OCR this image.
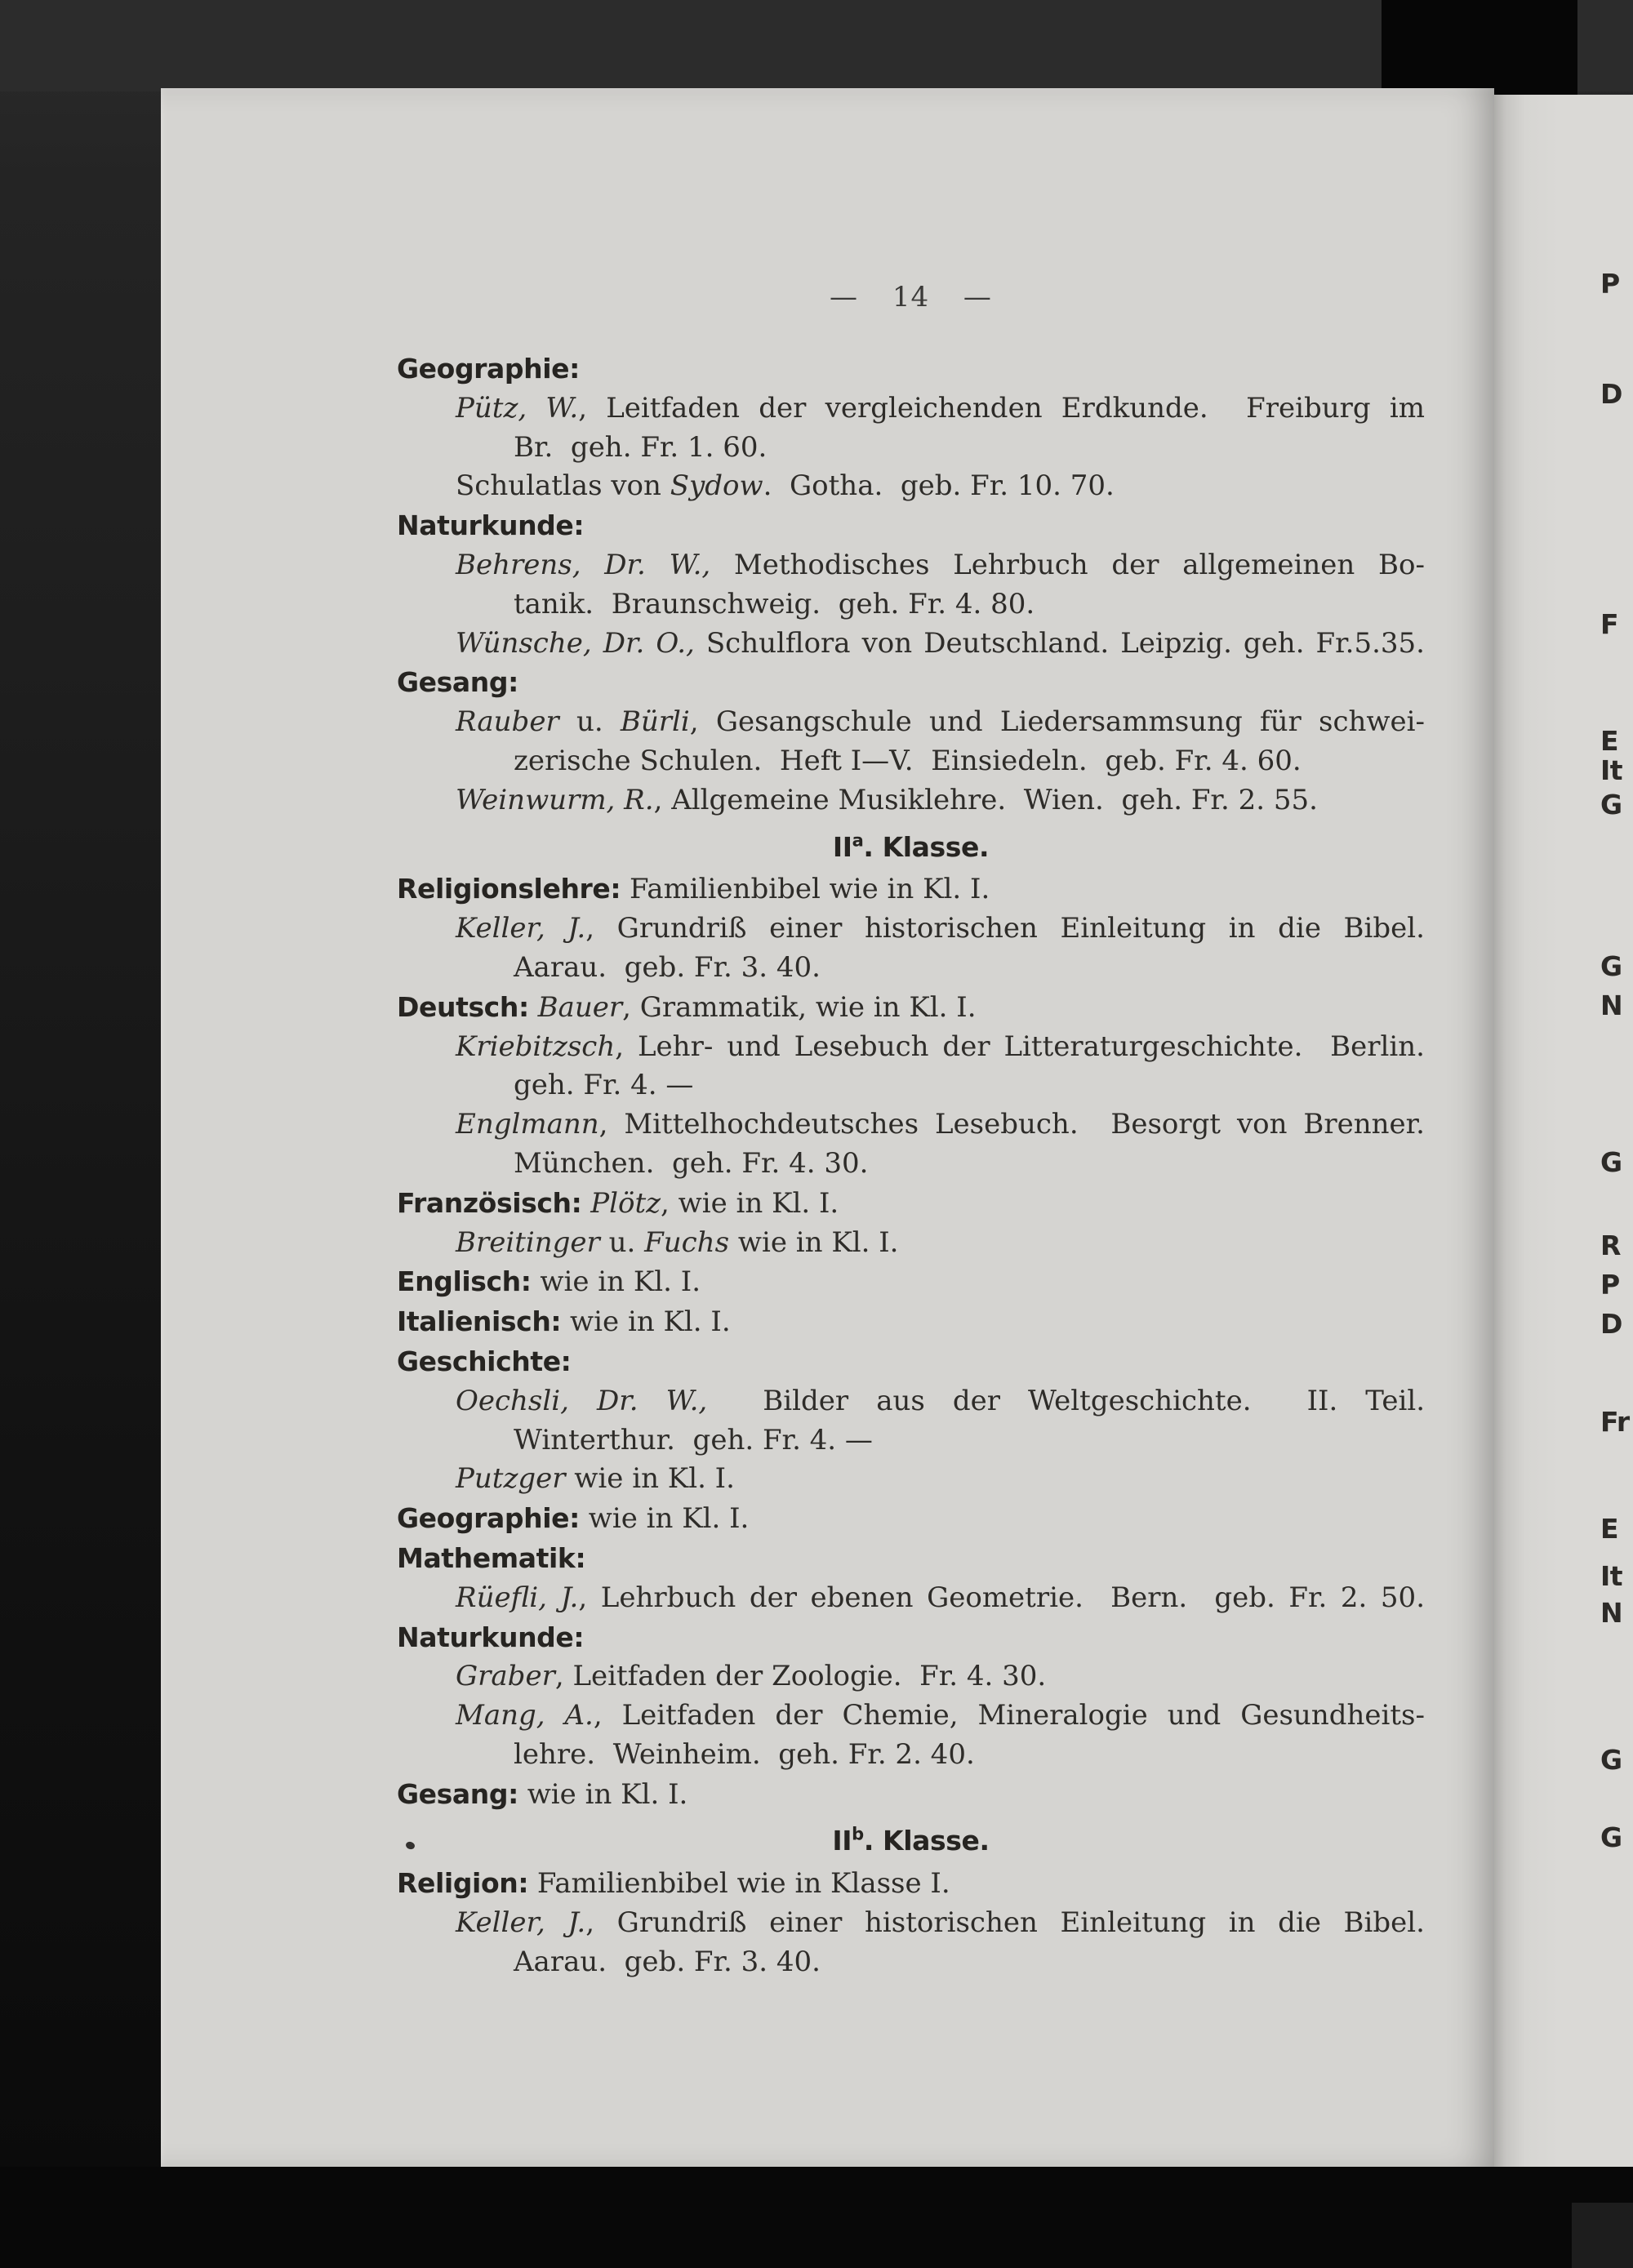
— 14 —
Geographie:
Pütz, W., Leitfaden der vergleichenden Erdkunde.  Freiburg im
Br.  geh. Fr. 1. 60.
Schulatlas von Sydow.  Gotha.  geb. Fr. 10. 70.
Naturkunde:
Behrens, Dr. W., Methodisches Lehrbuch der allgemeinen Bo-
tanik.  Braunschweig.  geh. Fr. 4. 80.
Wünsche, Dr. O., Schulflora von Deutschland. Leipzig. geh. Fr.5.35.
Gesang:
Rauber u. Bürli, Gesangschule und Liedersammsung für schwei-
zerische Schulen.  Heft I—V.  Einsiedeln.  geb. Fr. 4. 60.
Weinwurm, R., Allgemeine Musiklehre.  Wien.  geh. Fr. 2. 55.
$II^a$. Klasse.
Religionslehre: Familienbibel wie in Kl. I.
Keller, J., Grundriß einer historischen Einleitung in die Bibel.
Aarau.  geb. Fr. 3. 40.
Deutsch: Bauer, Grammatik, wie in Kl. I.
Kriebitzsch, Lehr- und Lesebuch der Litteraturgeschichte.  Berlin.
geh. Fr. 4. —
Englmann, Mittelhochdeutsches Lesebuch.  Besorgt von Brenner.
München.  geh. Fr. 4. 30.
Französisch: Plötz, wie in Kl. I.
Breitinger u. Fuchs wie in Kl. I.
Englisch: wie in Kl. I.
Italienisch: wie in Kl. I.
Geschichte:
Oechsli, Dr. W.,  Bilder aus der Weltgeschichte.  II. Teil.
Winterthur.  geh. Fr. 4. —
Putzger wie in Kl. I.
Geographie: wie in Kl. I.
Mathematik:
Rüefli, J., Lehrbuch der ebenen Geometrie.  Bern.  geb. Fr. 2. 50.
Naturkunde:
Graber, Leitfaden der Zoologie.  Fr. 4. 30.
Mang, A., Leitfaden der Chemie, Mineralogie und Gesundheits-
lehre.  Weinheim.  geh. Fr. 2. 40.
Gesang: wie in Kl. I.
$II^b$. Klasse.
Religion: Familienbibel wie in Klasse I.
Keller, J., Grundriß einer historischen Einleitung in die Bibel.
Aarau.  geb. Fr. 3. 40.
P
D
F
E
It
G
G
N
G
R
P
D
Fr
E
It
N
G
G
